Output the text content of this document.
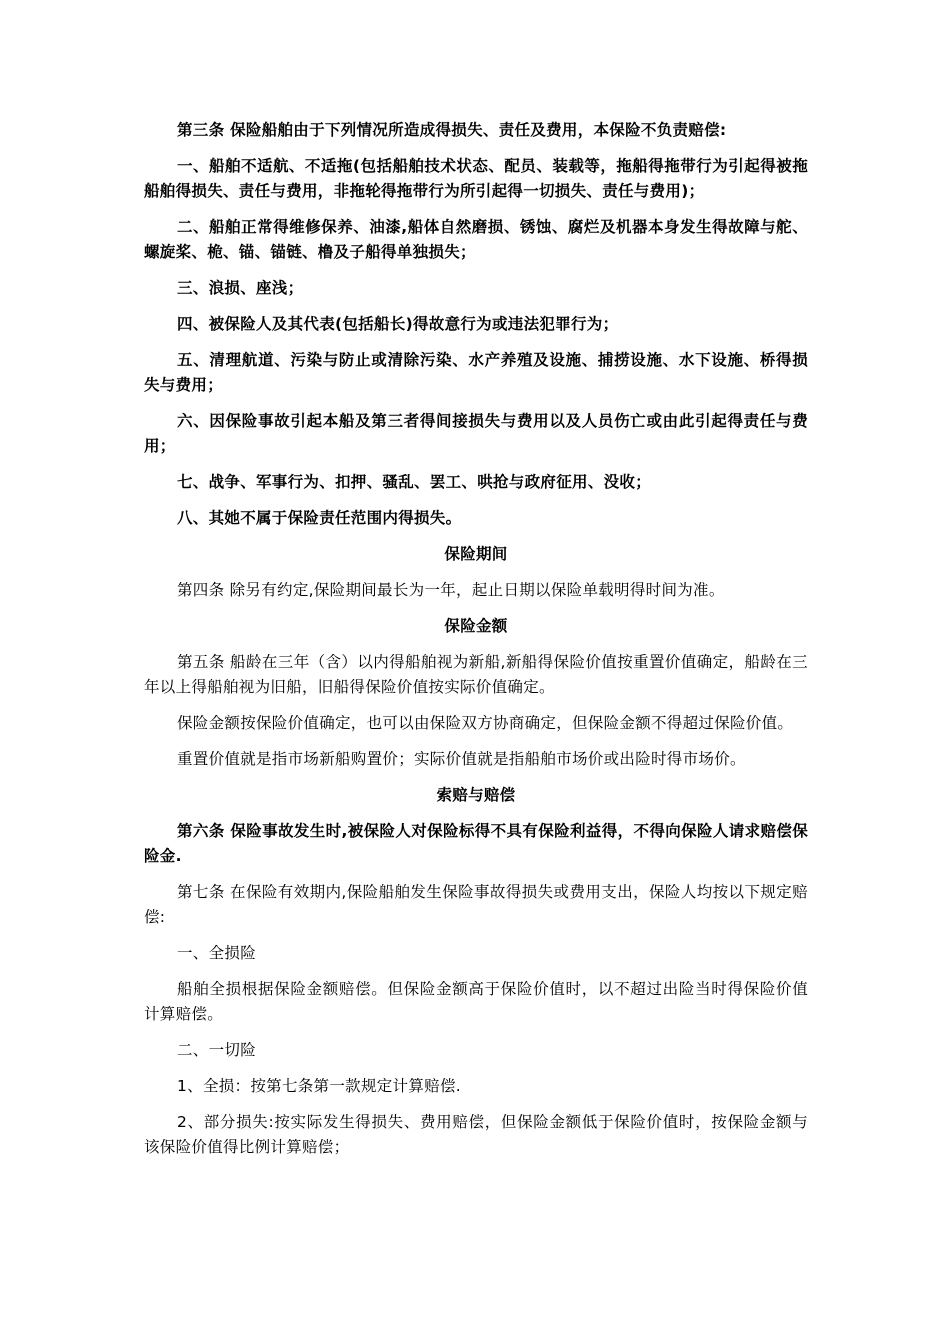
第三条 保险船舶由于下列情况所造成得损失、责任及费用，本保险不负责赔偿:

一、船舶不适航、不适拖(包括船舶技术状态、配员、装载等，拖船得拖带行为引起得被拖船舶得损失、责任与费用，非拖轮得拖带行为所引起得一切损失、责任与费用)；

二、船舶正常得维修保养、油漆,船体自然磨损、锈蚀、腐烂及机器本身发生得故障与舵、螺旋桨、桅、锚、锚链、橹及子船得单独损失；

三、浪损、座浅；

四、被保险人及其代表(包括船长)得故意行为或违法犯罪行为；

五、清理航道、污染与防止或清除污染、水产养殖及设施、捕捞设施、水下设施、桥得损失与费用；

六、因保险事故引起本船及第三者得间接损失与费用以及人员伤亡或由此引起得责任与费用；

七、战争、军事行为、扣押、骚乱、罢工、哄抢与政府征用、没收；

八、其她不属于保险责任范围内得损失。

保险期间

第四条 除另有约定,保险期间最长为一年，起止日期以保险单载明得时间为准。

保险金额

第五条 船龄在三年（含）以内得船舶视为新船,新船得保险价值按重置价值确定，船龄在三年以上得船舶视为旧船，旧船得保险价值按实际价值确定。

保险金额按保险价值确定，也可以由保险双方协商确定，但保险金额不得超过保险价值。

重置价值就是指市场新船购置价；实际价值就是指船舶市场价或出险时得市场价。

索赔与赔偿

第六条 保险事故发生时,被保险人对保险标得不具有保险利益得，不得向保险人请求赔偿保险金.

第七条 在保险有效期内,保险船舶发生保险事故得损失或费用支出，保险人均按以下规定赔偿:

一、全损险

船舶全损根据保险金额赔偿。但保险金额高于保险价值时，以不超过出险当时得保险价值计算赔偿。

二、一切险

1、全损：按第七条第一款规定计算赔偿.

2、部分损失:按实际发生得损失、费用赔偿，但保险金额低于保险价值时，按保险金额与该保险价值得比例计算赔偿；
